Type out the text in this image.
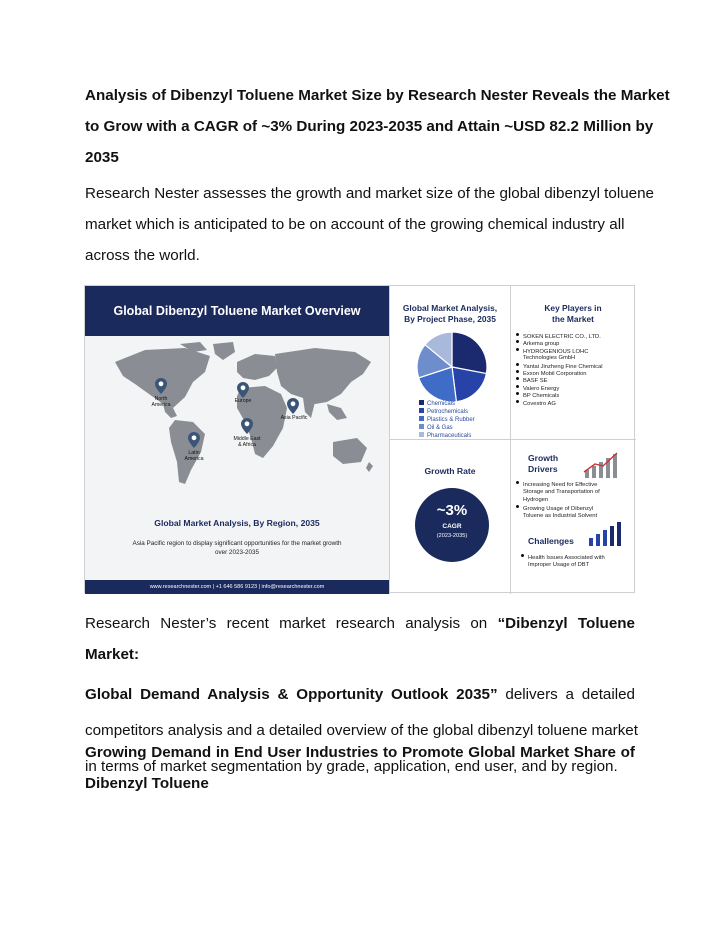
Analysis of Dibenzyl Toluene Market Size by Research Nester Reveals the Market
to Grow with a CAGR of ~3% During 2023-2035 and Attain ~USD 82.2 Million by
2035
Research Nester assesses the growth and market size of the global dibenzyl toluene
market which is anticipated to be on account of the growing chemical industry all
across the world.
Global Dibenzyl Toluene Market Overview
North America
Europe
Asia Pacific
Middle East & Africa
Latin America
Global Market Analysis, By Region, 2035
Asia Pacific region to display significant opportunities for the market growth
over 2023-2035
www.researchnester.com | +1 646 586 9123 | info@researchnester.com
Global Market Analysis,
By Project Phase, 2035
Chemicals
Petrochemicals
Plastics & Rubber
Oil & Gas
Pharmaceuticals
Key Players in
the Market
SOKEN ELECTRIC CO., LTD.
Arkema group
HYDROGENIOUS LOHC
Technologies GmbH
Yantai Jinzheng Fine Chemical
Exxon Mobil Corporation
BASF SE
Valero Energy
BP Chemicals
Covestro AG
Growth Rate
~3%
CAGR
(2023-2035)
Growth
Drivers
Increasing Need for Effective
Storage and Transportation of
Hydrogen
Growing Usage of Dibenzyl
Toluene as Industrial Solvent
Challenges
Health Issues Associated with
Improper Usage of DBT
Research Nester’s recent market research analysis on “Dibenzyl Toluene Market:
Global Demand Analysis & Opportunity Outlook 2035” delivers a detailed
competitors analysis and a detailed overview of the global dibenzyl toluene market
in terms of market segmentation by grade, application, end user, and by region.
Growing Demand in End User Industries to Promote Global Market Share of
Dibenzyl Toluene
